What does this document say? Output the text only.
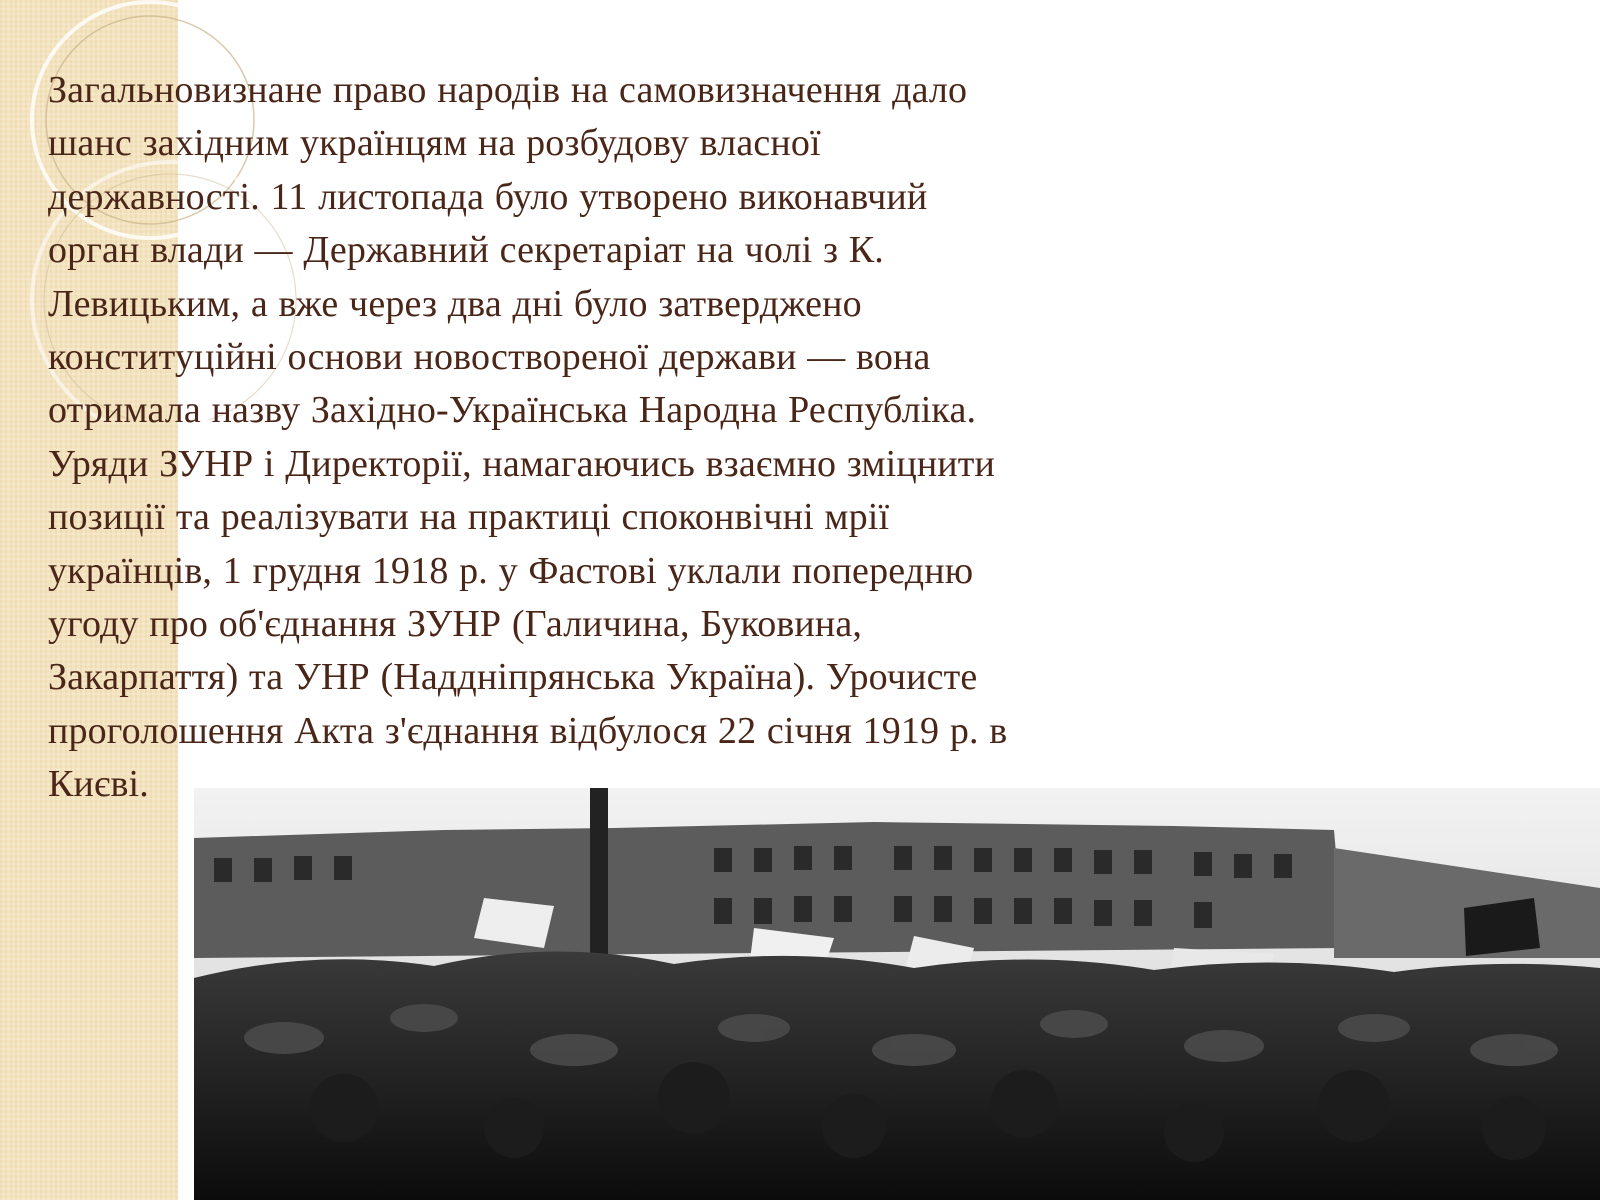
Загальновизнане право народів на самовизначення дало
шанс західним українцям на розбудову власної
державності. 11 листопада було утворено виконавчий
орган влади — Державний секретаріат на чолі з К.
Левицьким, а вже через два дні було затверджено
конституційні основи новоствореної держави — вона
отримала назву Західно-Українська Народна Республіка.
Уряди ЗУНР і Директорії, намагаючись взаємно зміцнити
позиції та реалізувати на практиці споконвічні мрії
українців, 1 грудня 1918 р. у Фастові уклали попередню
угоду про об'єднання ЗУНР (Галичина, Буковина,
Закарпаття) та УНР (Наддніпрянська Україна). Урочисте
проголошення Акта з'єднання відбулося 22 січня 1919 р. в
Києві.
